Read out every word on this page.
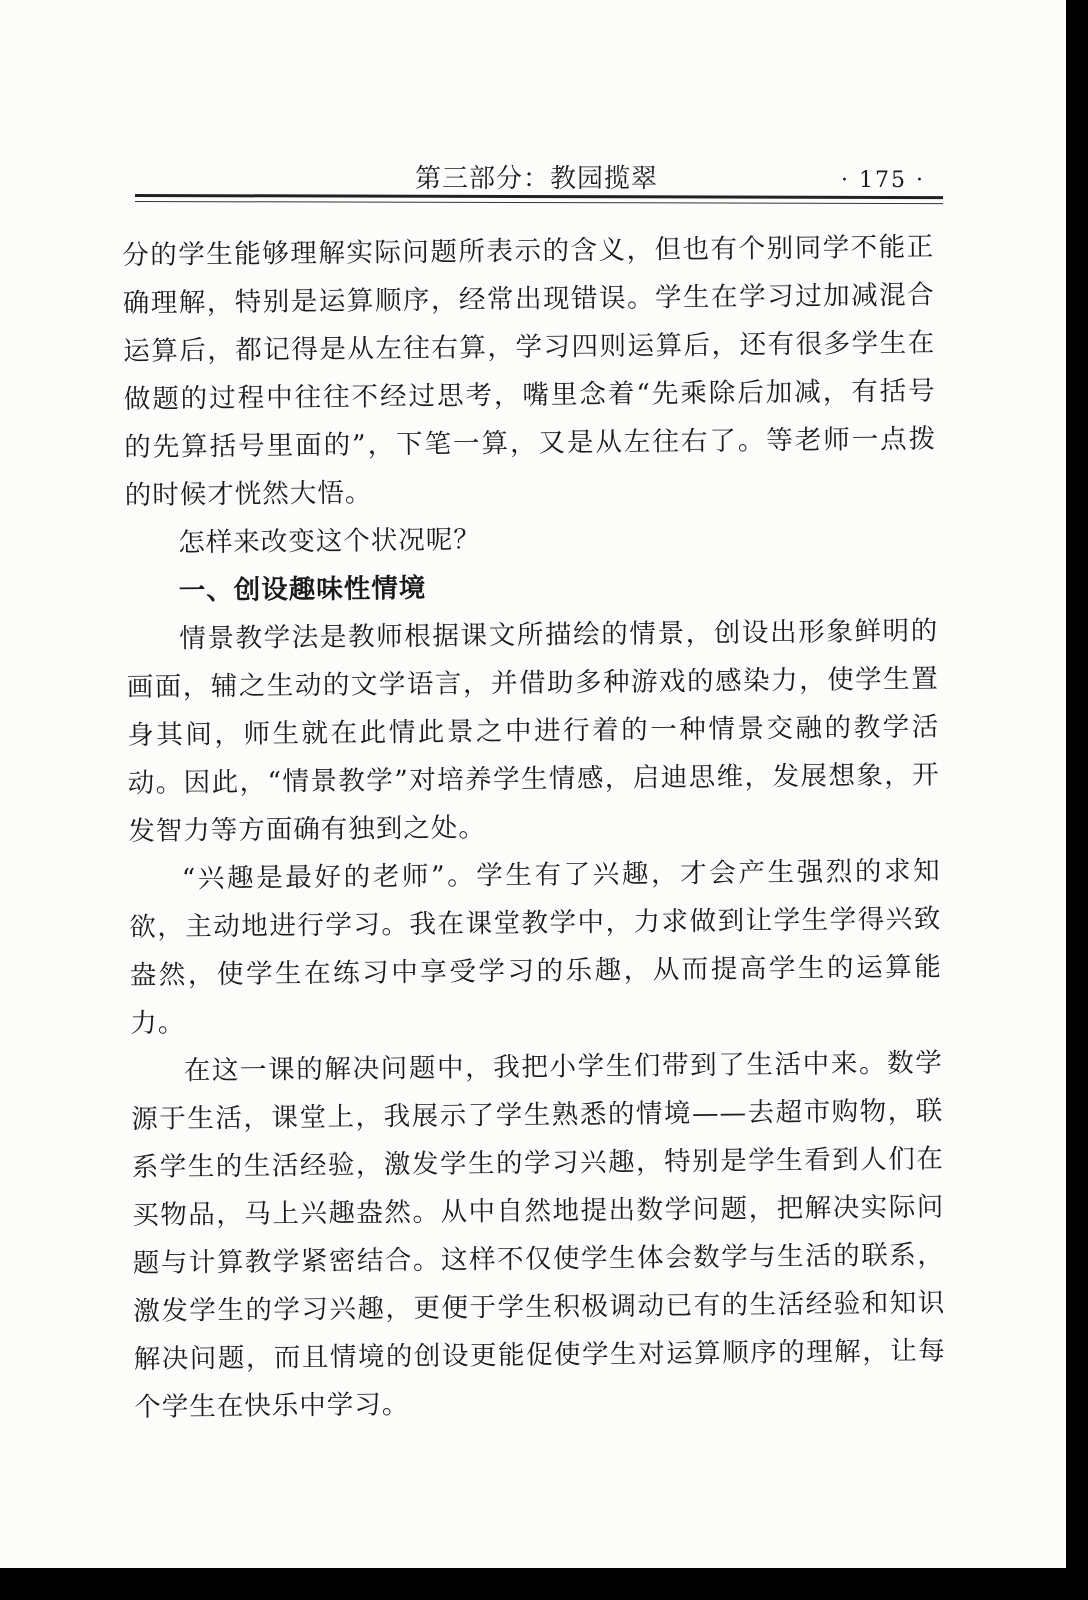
第三部分：教园揽翠	· 175 ·

分的学生能够理解实际问题所表示的含义，但也有个别同学不能正确理解，特别是运算顺序，经常出现错误。学生在学习过加减混合运算后，都记得是从左往右算，学习四则运算后，还有很多学生在做题的过程中往往不经过思考，嘴里念着“先乘除后加减，有括号的先算括号里面的”，下笔一算，又是从左往右了。等老师一点拨的时候才恍然大悟。

怎样来改变这个状况呢？

一、创设趣味性情境

情景教学法是教师根据课文所描绘的情景，创设出形象鲜明的画面，辅之生动的文学语言，并借助多种游戏的感染力，使学生置身其间，师生就在此情此景之中进行着的一种情景交融的教学活动。因此，“情景教学”对培养学生情感，启迪思维，发展想象，开发智力等方面确有独到之处。

“兴趣是最好的老师”。学生有了兴趣，才会产生强烈的求知欲，主动地进行学习。我在课堂教学中，力求做到让学生学得兴致盎然，使学生在练习中享受学习的乐趣，从而提高学生的运算能力。

在这一课的解决问题中，我把小学生们带到了生活中来。数学源于生活，课堂上，我展示了学生熟悉的情境——去超市购物，联系学生的生活经验，激发学生的学习兴趣，特别是学生看到人们在买物品，马上兴趣盎然。从中自然地提出数学问题，把解决实际问题与计算教学紧密结合。这样不仅使学生体会数学与生活的联系，激发学生的学习兴趣，更便于学生积极调动已有的生活经验和知识解决问题，而且情境的创设更能促使学生对运算顺序的理解，让每个学生在快乐中学习。
